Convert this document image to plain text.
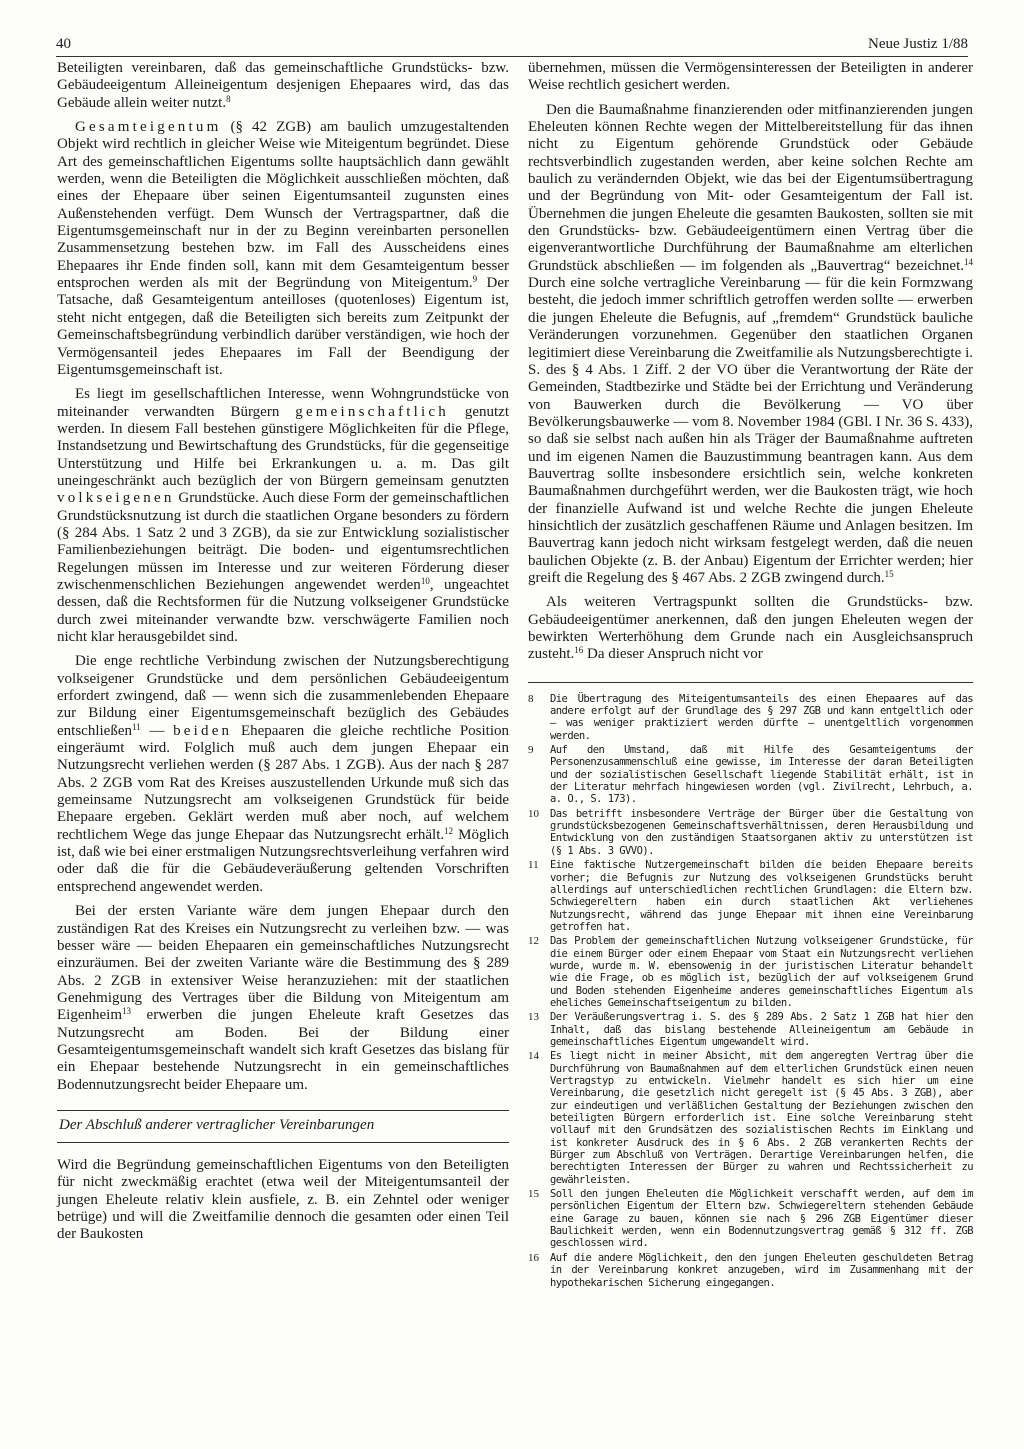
40	Neue Justiz 1/88

Beteiligten vereinbaren, daß das gemeinschaftliche Grundstücks- bzw. Gebäudeeigentum Alleineigentum desjenigen Ehepaares wird, das das Gebäude allein weiter nutzt.$^8$

Gesamteigentum (§ 42 ZGB) am baulich umzugestaltenden Objekt wird rechtlich in gleicher Weise wie Miteigentum begründet. Diese Art des gemeinschaftlichen Eigentums sollte hauptsächlich dann gewählt werden, wenn die Beteiligten die Möglichkeit ausschließen möchten, daß eines der Ehepaare über seinen Eigentumsanteil zugunsten eines Außenstehenden verfügt. Dem Wunsch der Vertragspartner, daß die Eigentumsgemeinschaft nur in der zu Beginn vereinbarten personellen Zusammensetzung bestehen bzw. im Fall des Ausscheidens eines Ehepaares ihr Ende finden soll, kann mit dem Gesamteigentum besser entsprochen werden als mit der Begründung von Miteigentum.$^9$ Der Tatsache, daß Gesamteigentum anteilloses (quotenloses) Eigentum ist, steht nicht entgegen, daß die Beteiligten sich bereits zum Zeitpunkt der Gemeinschaftsbegründung verbindlich darüber verständigen, wie hoch der Vermögensanteil jedes Ehepaares im Fall der Beendigung der Eigentumsgemeinschaft ist.

Es liegt im gesellschaftlichen Interesse, wenn Wohngrundstücke von miteinander verwandten Bürgern gemeinschaftlich genutzt werden. In diesem Fall bestehen günstigere Möglichkeiten für die Pflege, Instandsetzung und Bewirtschaftung des Grundstücks, für die gegenseitige Unterstützung und Hilfe bei Erkrankungen u. a. m. Das gilt uneingeschränkt auch bezüglich der von Bürgern gemeinsam genutzten volkseigenen Grundstücke. Auch diese Form der gemeinschaftlichen Grundstücksnutzung ist durch die staatlichen Organe besonders zu fördern (§ 284 Abs. 1 Satz 2 und 3 ZGB), da sie zur Entwicklung sozialistischer Familienbeziehungen beiträgt. Die boden- und eigentumsrechtlichen Regelungen müssen im Interesse und zur weiteren Förderung dieser zwischenmenschlichen Beziehungen angewendet werden$^{10}$, ungeachtet dessen, daß die Rechtsformen für die Nutzung volkseigener Grundstücke durch zwei miteinander verwandte bzw. verschwägerte Familien noch nicht klar herausgebildet sind.

Die enge rechtliche Verbindung zwischen der Nutzungsberechtigung volkseigener Grundstücke und dem persönlichen Gebäudeeigentum erfordert zwingend, daß — wenn sich die zusammenlebenden Ehepaare zur Bildung einer Eigentumsgemeinschaft bezüglich des Gebäudes entschließen$^{11}$ — beiden Ehepaaren die gleiche rechtliche Position eingeräumt wird. Folglich muß auch dem jungen Ehepaar ein Nutzungsrecht verliehen werden (§ 287 Abs. 1 ZGB). Aus der nach § 287 Abs. 2 ZGB vom Rat des Kreises auszustellenden Urkunde muß sich das gemeinsame Nutzungsrecht am volkseigenen Grundstück für beide Ehepaare ergeben. Geklärt werden muß aber noch, auf welchem rechtlichem Wege das junge Ehepaar das Nutzungsrecht erhält.$^{12}$ Möglich ist, daß wie bei einer erstmaligen Nutzungsrechtsverleihung verfahren wird oder daß die für die Gebäudeveräußerung geltenden Vorschriften entsprechend angewendet werden.

Bei der ersten Variante wäre dem jungen Ehepaar durch den zuständigen Rat des Kreises ein Nutzungsrecht zu verleihen bzw. — was besser wäre — beiden Ehepaaren ein gemeinschaftliches Nutzungsrecht einzuräumen. Bei der zweiten Variante wäre die Bestimmung des § 289 Abs. 2 ZGB in extensiver Weise heranzuziehen: mit der staatlichen Genehmigung des Vertrages über die Bildung von Miteigentum am Eigenheim$^{13}$ erwerben die jungen Eheleute kraft Gesetzes das Nutzungsrecht am Boden. Bei der Bildung einer Gesamteigentumsgemeinschaft wandelt sich kraft Gesetzes das bislang für ein Ehepaar bestehende Nutzungsrecht in ein gemeinschaftliches Bodennutzungsrecht beider Ehepaare um.

Der Abschluß anderer vertraglicher Vereinbarungen

Wird die Begründung gemeinschaftlichen Eigentums von den Beteiligten für nicht zweckmäßig erachtet (etwa weil der Miteigentumsanteil der jungen Eheleute relativ klein ausfiele, z. B. ein Zehntel oder weniger betrüge) und will die Zweitfamilie dennoch die gesamten oder einen Teil der Baukosten

übernehmen, müssen die Vermögensinteressen der Beteiligten in anderer Weise rechtlich gesichert werden.

Den die Baumaßnahme finanzierenden oder mitfinanzierenden jungen Eheleuten können Rechte wegen der Mittelbereitstellung für das ihnen nicht zu Eigentum gehörende Grundstück oder Gebäude rechtsverbindlich zugestanden werden, aber keine solchen Rechte am baulich zu verändernden Objekt, wie das bei der Eigentumsübertragung und der Begründung von Mit- oder Gesamteigentum der Fall ist. Übernehmen die jungen Eheleute die gesamten Baukosten, sollten sie mit den Grundstücks- bzw. Gebäudeeigentümern einen Vertrag über die eigenverantwortliche Durchführung der Baumaßnahme am elterlichen Grundstück abschließen — im folgenden als „Bauvertrag“ bezeichnet.$^{14}$ Durch eine solche vertragliche Vereinbarung — für die kein Formzwang besteht, die jedoch immer schriftlich getroffen werden sollte — erwerben die jungen Eheleute die Befugnis, auf „fremdem“ Grundstück bauliche Veränderungen vorzunehmen. Gegenüber den staatlichen Organen legitimiert diese Vereinbarung die Zweitfamilie als Nutzungsberechtigte i. S. des § 4 Abs. 1 Ziff. 2 der VO über die Verantwortung der Räte der Gemeinden, Stadtbezirke und Städte bei der Errichtung und Veränderung von Bauwerken durch die Bevölkerung — VO über Bevölkerungsbauwerke — vom 8. November 1984 (GBl. I Nr. 36 S. 433), so daß sie selbst nach außen hin als Träger der Baumaßnahme auftreten und im eigenen Namen die Bauzustimmung beantragen kann. Aus dem Bauvertrag sollte insbesondere ersichtlich sein, welche konkreten Baumaßnahmen durchgeführt werden, wer die Baukosten trägt, wie hoch der finanzielle Aufwand ist und welche Rechte die jungen Eheleute hinsichtlich der zusätzlich geschaffenen Räume und Anlagen besitzen. Im Bauvertrag kann jedoch nicht wirksam festgelegt werden, daß die neuen baulichen Objekte (z. B. der Anbau) Eigentum der Errichter werden; hier greift die Regelung des § 467 Abs. 2 ZGB zwingend durch.$^{15}$

Als weiteren Vertragspunkt sollten die Grundstücks- bzw. Gebäudeeigentümer anerkennen, daß den jungen Eheleuten wegen der bewirkten Werterhöhung dem Grunde nach ein Ausgleichsanspruch zusteht.$^{16}$ Da dieser Anspruch nicht vor

8	Die Übertragung des Miteigentumsanteils des einen Ehepaares auf das andere erfolgt auf der Grundlage des § 297 ZGB und kann entgeltlich oder — was weniger praktiziert werden dürfte — unentgeltlich vorgenommen werden.
9	Auf den Umstand, daß mit Hilfe des Gesamteigentums der Personenzusammenschluß eine gewisse, im Interesse der daran Beteiligten und der sozialistischen Gesellschaft liegende Stabilität erhält, ist in der Literatur mehrfach hingewiesen worden (vgl. Zivilrecht, Lehrbuch, a. a. O., S. 173).
10	Das betrifft insbesondere Verträge der Bürger über die Gestaltung von grundstücksbezogenen Gemeinschaftsverhältnissen, deren Herausbildung und Entwicklung von den zuständigen Staatsorganen aktiv zu unterstützen ist (§ 1 Abs. 3 GVVO).
11	Eine faktische Nutzergemeinschaft bilden die beiden Ehepaare bereits vorher; die Befugnis zur Nutzung des volkseigenen Grundstücks beruht allerdings auf unterschiedlichen rechtlichen Grundlagen: die Eltern bzw. Schwiegereltern haben ein durch staatlichen Akt verliehenes Nutzungsrecht, während das junge Ehepaar mit ihnen eine Vereinbarung getroffen hat.
12	Das Problem der gemeinschaftlichen Nutzung volkseigener Grundstücke, für die einem Bürger oder einem Ehepaar vom Staat ein Nutzungsrecht verliehen wurde, wurde m. W. ebensowenig in der juristischen Literatur behandelt wie die Frage, ob es möglich ist, bezüglich der auf volkseigenem Grund und Boden stehenden Eigenheime anderes gemeinschaftliches Eigentum als eheliches Gemeinschaftseigentum zu bilden.
13	Der Veräußerungsvertrag i. S. des § 289 Abs. 2 Satz 1 ZGB hat hier den Inhalt, daß das bislang bestehende Alleineigentum am Gebäude in gemeinschaftliches Eigentum umgewandelt wird.
14	Es liegt nicht in meiner Absicht, mit dem angeregten Vertrag über die Durchführung von Baumaßnahmen auf dem elterlichen Grundstück einen neuen Vertragstyp zu entwickeln. Vielmehr handelt es sich hier um eine Vereinbarung, die gesetzlich nicht geregelt ist (§ 45 Abs. 3 ZGB), aber zur eindeutigen und verläßlichen Gestaltung der Beziehungen zwischen den beteiligten Bürgern erforderlich ist. Eine solche Vereinbarung steht vollauf mit den Grundsätzen des sozialistischen Rechts im Einklang und ist konkreter Ausdruck des in § 6 Abs. 2 ZGB verankerten Rechts der Bürger zum Abschluß von Verträgen. Derartige Vereinbarungen helfen, die berechtigten Interessen der Bürger zu wahren und Rechtssicherheit zu gewährleisten.
15	Soll den jungen Eheleuten die Möglichkeit verschafft werden, auf dem im persönlichen Eigentum der Eltern bzw. Schwiegereltern stehenden Gebäude eine Garage zu bauen, können sie nach § 296 ZGB Eigentümer dieser Baulichkeit werden, wenn ein Bodennutzungsvertrag gemäß § 312 ff. ZGB geschlossen wird.
16	Auf die andere Möglichkeit, den den jungen Eheleuten geschuldeten Betrag in der Vereinbarung konkret anzugeben, wird im Zusammenhang mit der hypothekarischen Sicherung eingegangen.
